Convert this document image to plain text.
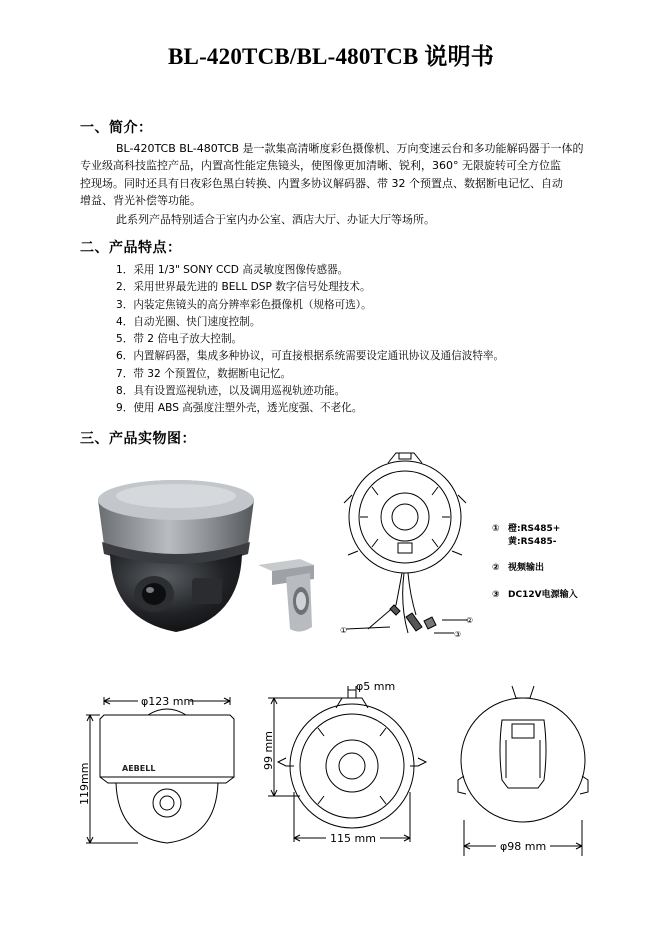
BL-420TCB/BL-480TCB 说明书
一、简介：
BL-420TCB BL-480TCB 是一款集高清晰度彩色摄像机、万向变速云台和多功能解码器于一体的
专业级高科技监控产品，内置高性能定焦镜头，使图像更加清晰、锐利，360° 无限旋转可全方位监
控现场。同时还具有日夜彩色黑白转换、内置多协议解码器、带 32 个预置点、数据断电记忆、自动
增益、背光补偿等功能。
此系列产品特别适合于室内办公室、酒店大厅、办证大厅等场所。
二、产品特点：
1．采用 1/3" SONY CCD 高灵敏度图像传感器。
2．采用世界最先进的 BELL DSP 数字信号处理技术。
3．内装定焦镜头的高分辨率彩色摄像机（规格可选）。
4．自动光圈、快门速度控制。
5．带 2 倍电子放大控制。
6．内置解码器，集成多种协议，可直接根据系统需要设定通讯协议及通信波特率。
7．带 32 个预置位，数据断电记忆。
8．具有设置巡视轨迹，以及调用巡视轨迹功能。
9．使用 ABS 高强度注塑外壳，透光度强、不老化。
三、产品实物图：
①
②
③
① 橙:RS485+
黄:RS485-
② 视频输出
③ DC12V电源输入
φ123 mm
119mm	AEBELL
φ5 mm
99 mm
115 mm
φ98 mm
